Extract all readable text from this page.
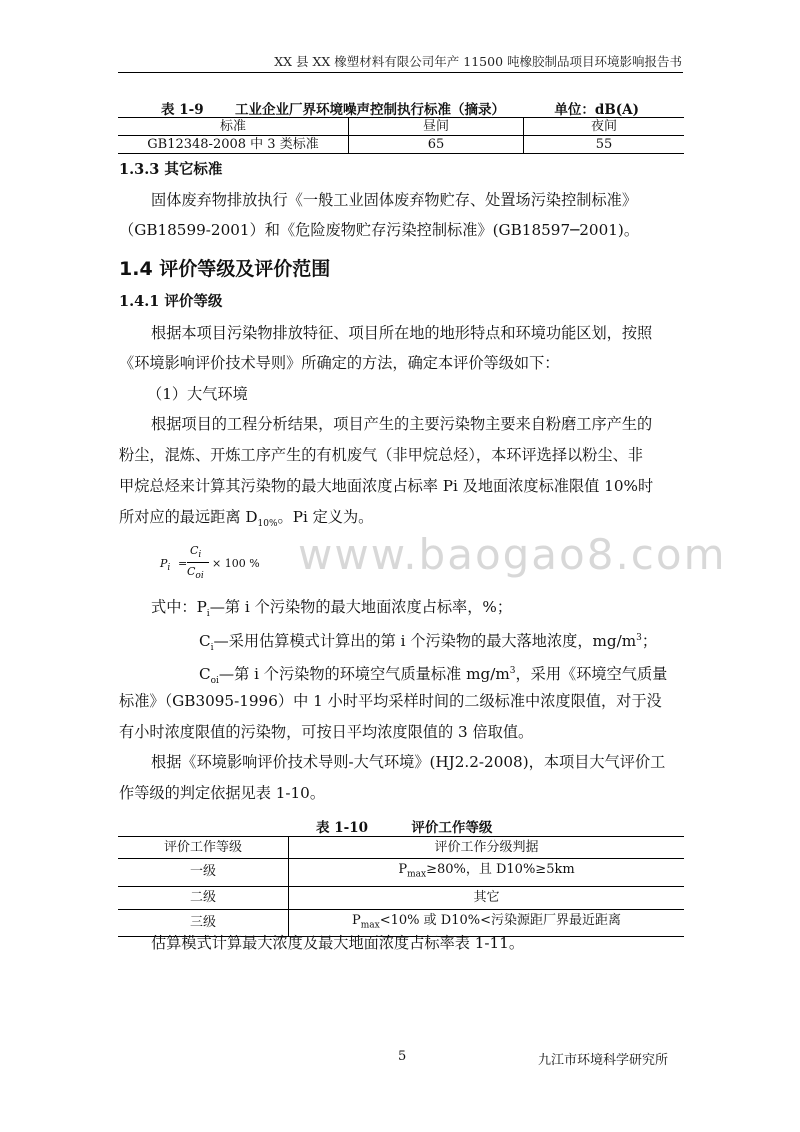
XX 县 XX 橡塑材料有限公司年产 11500 吨橡胶制品项目环境影响报告书
表 1-9 工业企业厂界环境噪声控制执行标准（摘录）	单位：dB(A)
标准	昼间	夜间
GB12348-2008 中 3 类标准	65	55
1.3.3 其它标准
固体废弃物排放执行《一般工业固体废弃物贮存、处置场污染控制标准》
（GB18599-2001）和《危险废物贮存污染控制标准》(GB18597─2001)。
1.4 评价等级及评价范围
1.4.1 评价等级
根据本项目污染物排放特征、项目所在地的地形特点和环境功能区划，按照
《环境影响评价技术导则》所确定的方法，确定本评价等级如下：
（1）大气环境
根据项目的工程分析结果，项目产生的主要污染物主要来自粉磨工序产生的
粉尘，混炼、开炼工序产生的有机废气（非甲烷总烃），本环评选择以粉尘、非
甲烷总烃来计算其污染物的最大地面浓度占标率 Pi 及地面浓度标准限值 10%时
所对应的最远距离 $D_{10\%}$。Pi 定义为。
www.baogao8.com
$P_i$ =
$C_i$
$C_{oi}$
× 100 %
式中：$P_i—$第 i 个污染物的最大地面浓度占标率，%；
$C_i—$采用估算模式计算出的第 i 个污染物的最大落地浓度，$mg/m^3$；
$C_{oi}—$第 i 个污染物的环境空气质量标准 $mg/m^3$，采用《环境空气质量
标准》（GB3095-1996）中 1 小时平均采样时间的二级标准中浓度限值，对于没
有小时浓度限值的污染物，可按日平均浓度限值的 3 倍取值。
根据《环境影响评价技术导则-大气环境》(HJ2.2-2008)，本项目大气评价工
作等级的判定依据见表 1-10。
表 1-10	评价工作等级
评价工作等级	评价工作分级判据
一级	$P_{max}\ge 80\%$，且 D10%≥5km
二级	其它
三级	$P_{max}<10\%$ 或 D10%<污染源距厂界最近距离
估算模式计算最大浓度及最大地面浓度占标率表 1-11。
5	九江市环境科学研究所
